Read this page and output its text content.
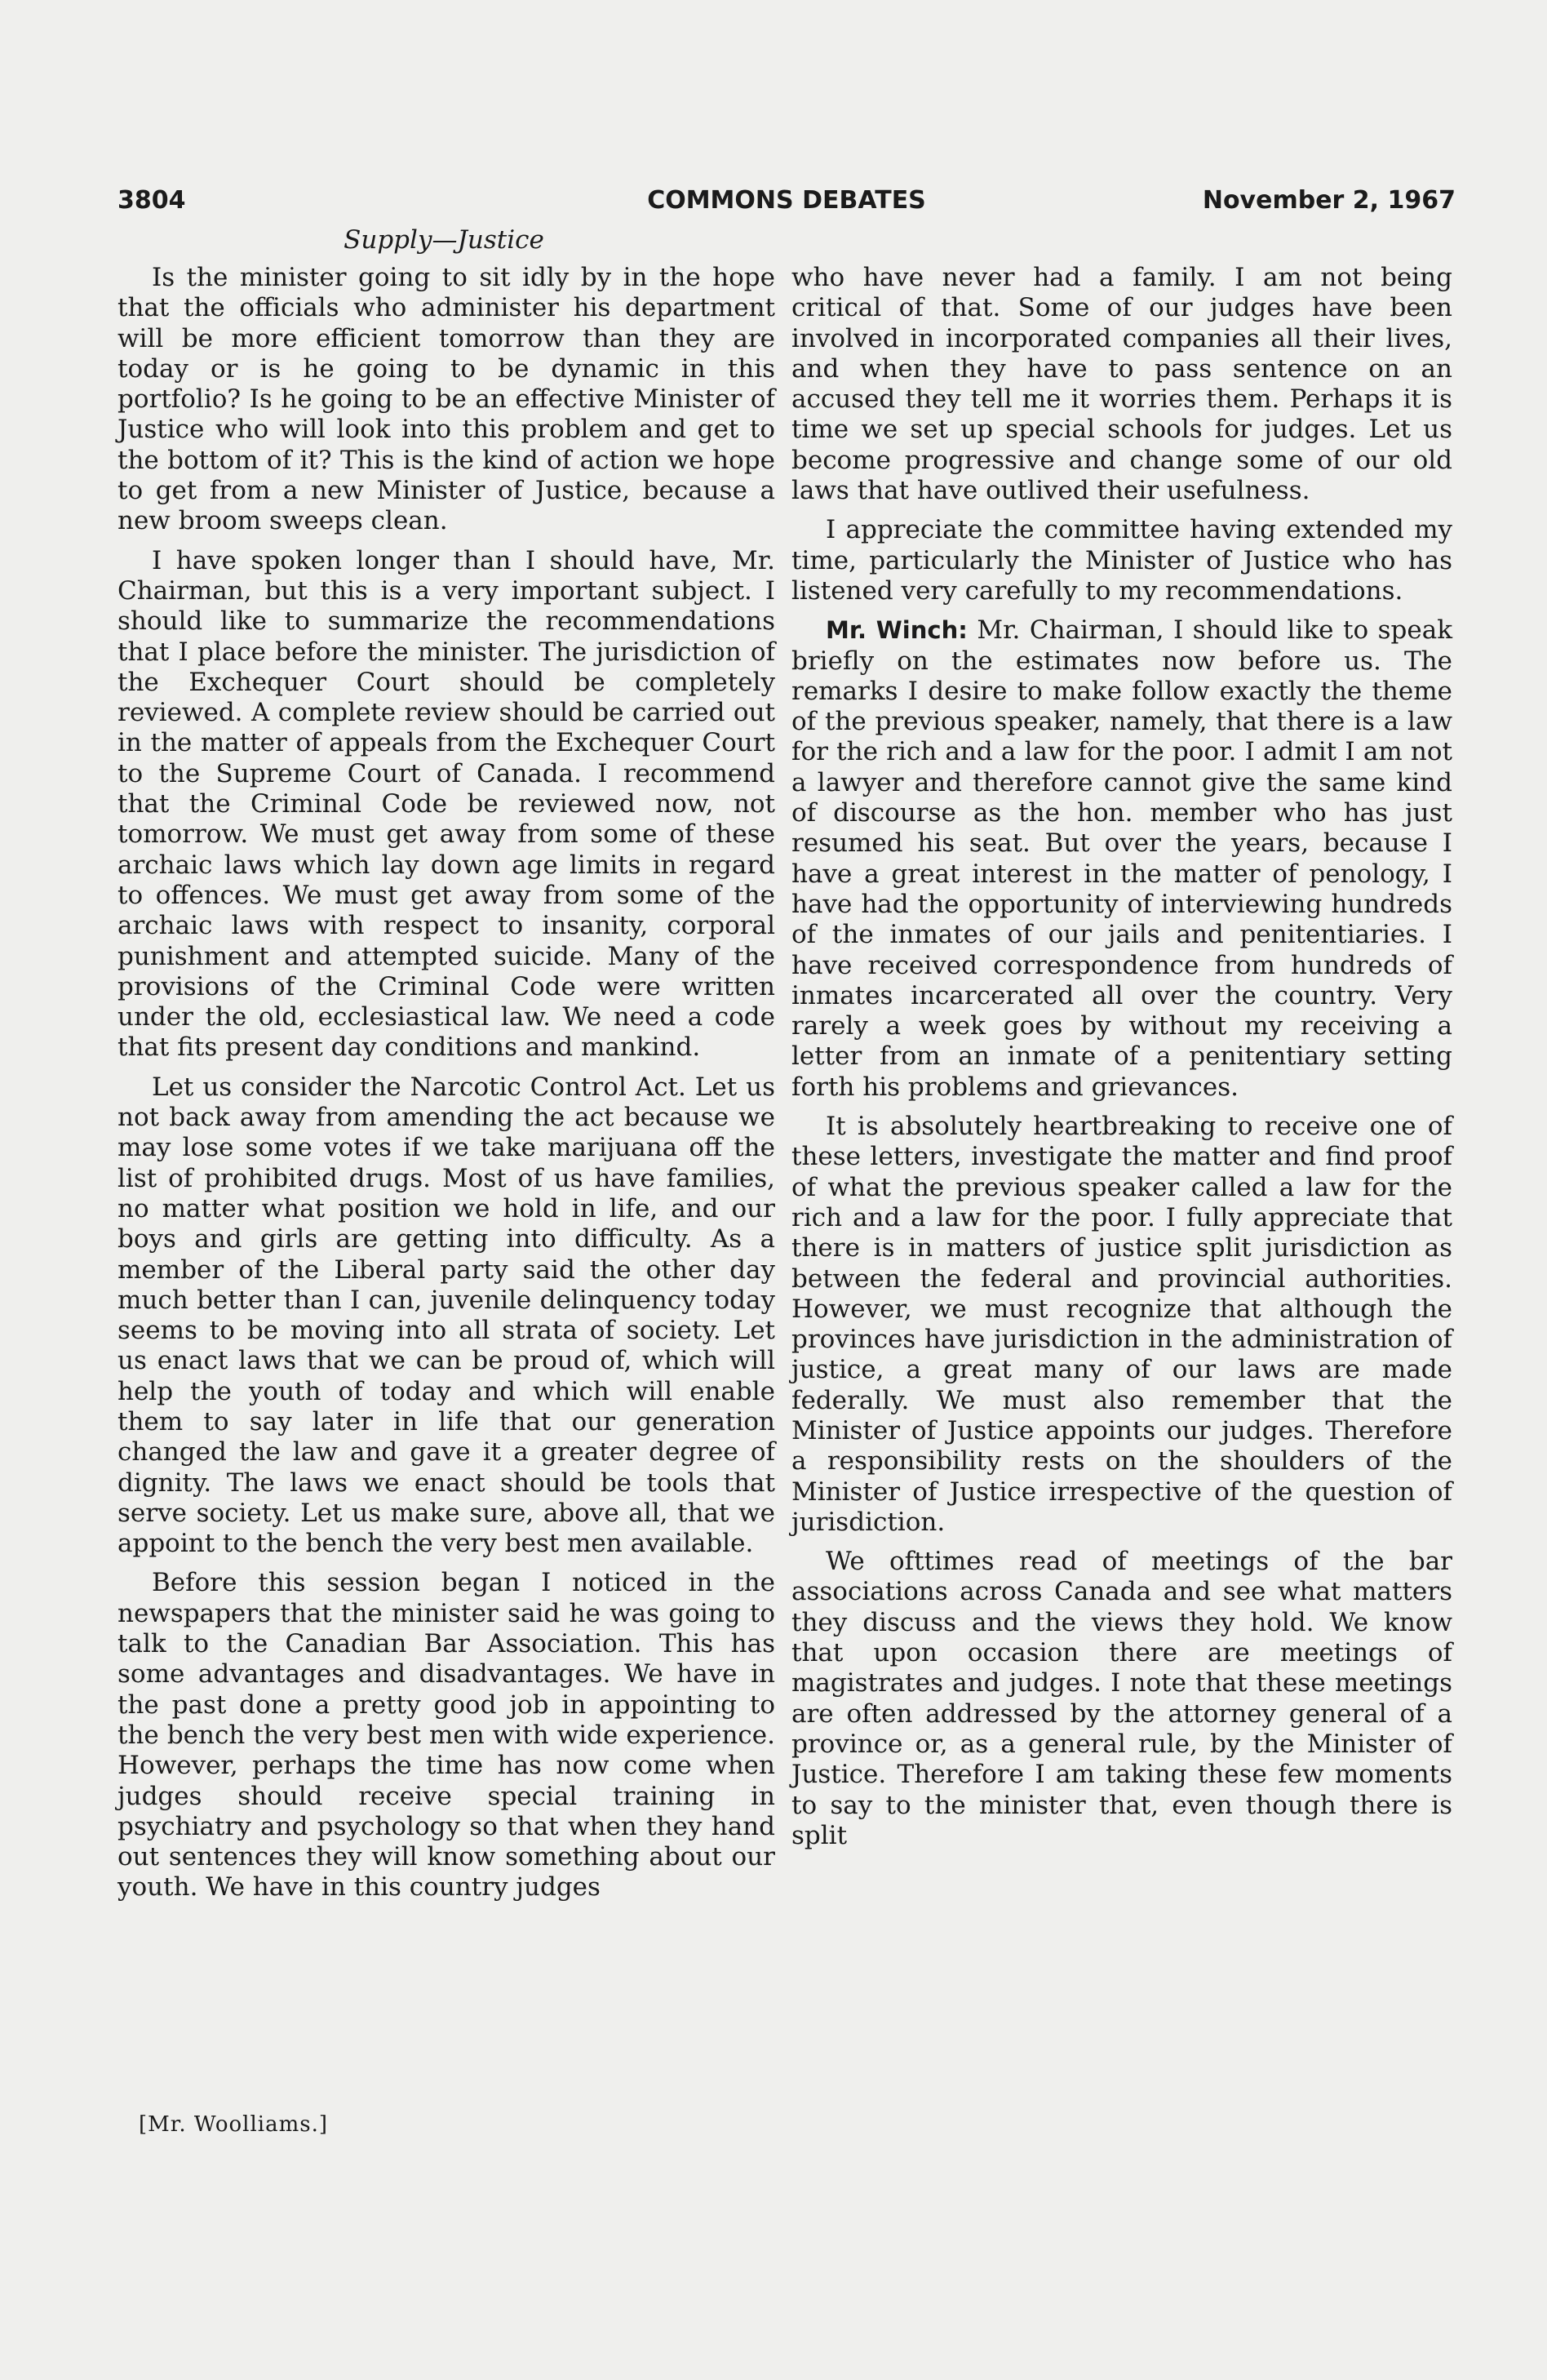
3804	COMMONS DEBATES	November 2, 1967
Supply—Justice

Is the minister going to sit idly by in the hope that the officials who administer his department will be more efficient tomorrow than they are today or is he going to be dynamic in this portfolio? Is he going to be an effective Minister of Justice who will look into this problem and get to the bottom of it? This is the kind of action we hope to get from a new Minister of Justice, because a new broom sweeps clean.

I have spoken longer than I should have, Mr. Chairman, but this is a very important subject. I should like to summarize the recommendations that I place before the minister. The jurisdiction of the Exchequer Court should be completely reviewed. A complete review should be carried out in the matter of appeals from the Exchequer Court to the Supreme Court of Canada. I recommend that the Criminal Code be reviewed now, not tomorrow. We must get away from some of these archaic laws which lay down age limits in regard to offences. We must get away from some of the archaic laws with respect to insanity, corporal punishment and attempted suicide. Many of the provisions of the Criminal Code were written under the old, ecclesiastical law. We need a code that fits present day conditions and mankind.

Let us consider the Narcotic Control Act. Let us not back away from amending the act because we may lose some votes if we take marijuana off the list of prohibited drugs. Most of us have families, no matter what position we hold in life, and our boys and girls are getting into difficulty. As a member of the Liberal party said the other day much better than I can, juvenile delinquency today seems to be moving into all strata of society. Let us enact laws that we can be proud of, which will help the youth of today and which will enable them to say later in life that our generation changed the law and gave it a greater degree of dignity. The laws we enact should be tools that serve society. Let us make sure, above all, that we appoint to the bench the very best men available.

Before this session began I noticed in the newspapers that the minister said he was going to talk to the Canadian Bar Association. This has some advantages and disadvantages. We have in the past done a pretty good job in appointing to the bench the very best men with wide experience. However, perhaps the time has now come when judges should receive special training in psychiatry and psychology so that when they hand out sentences they will know something about our youth. We have in this country judges

who have never had a family. I am not being critical of that. Some of our judges have been involved in incorporated companies all their lives, and when they have to pass sentence on an accused they tell me it worries them. Perhaps it is time we set up special schools for judges. Let us become progressive and change some of our old laws that have outlived their usefulness.

I appreciate the committee having extended my time, particularly the Minister of Justice who has listened very carefully to my recommendations.

Mr. Winch: Mr. Chairman, I should like to speak briefly on the estimates now before us. The remarks I desire to make follow exactly the theme of the previous speaker, namely, that there is a law for the rich and a law for the poor. I admit I am not a lawyer and therefore cannot give the same kind of discourse as the hon. member who has just resumed his seat. But over the years, because I have a great interest in the matter of penology, I have had the opportunity of interviewing hundreds of the inmates of our jails and penitentiaries. I have received correspondence from hundreds of inmates incarcerated all over the country. Very rarely a week goes by without my receiving a letter from an inmate of a penitentiary setting forth his problems and grievances.

It is absolutely heartbreaking to receive one of these letters, investigate the matter and find proof of what the previous speaker called a law for the rich and a law for the poor. I fully appreciate that there is in matters of justice split jurisdiction as between the federal and provincial authorities. However, we must recognize that although the provinces have jurisdiction in the administration of justice, a great many of our laws are made federally. We must also remember that the Minister of Justice appoints our judges. Therefore a responsibility rests on the shoulders of the Minister of Justice irrespective of the question of jurisdiction.

We ofttimes read of meetings of the bar associations across Canada and see what matters they discuss and the views they hold. We know that upon occasion there are meetings of magistrates and judges. I note that these meetings are often addressed by the attorney general of a province or, as a general rule, by the Minister of Justice. Therefore I am taking these few moments to say to the minister that, even though there is split

[Mr. Woolliams.]
